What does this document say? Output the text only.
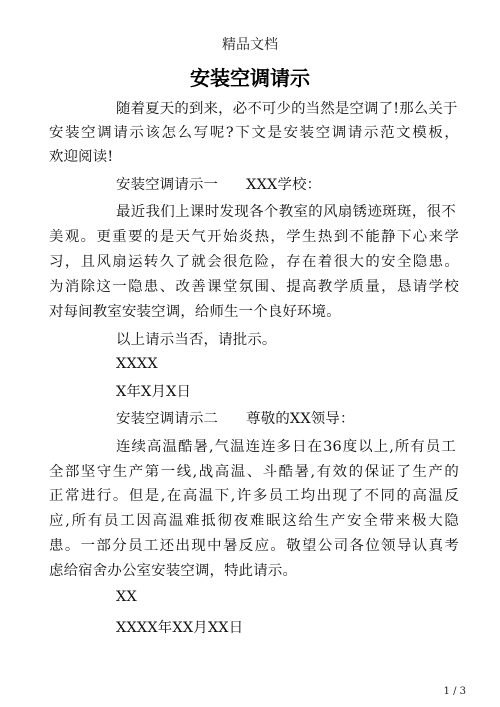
精品文档
安装空调请示
随着夏天的到来，必不可少的当然是空调了!那么关于
安装空调请示该怎么写呢?下文是安装空调请示范文模板，
欢迎阅读!
安装空调请示一 XXX学校：
最近我们上课时发现各个教室的风扇锈迹斑斑，很不
美观。更重要的是天气开始炎热，学生热到不能静下心来学
习，且风扇运转久了就会很危险，存在着很大的安全隐患。
为消除这一隐患、改善课堂氛围、提高教学质量，恳请学校
对每间教室安装空调，给师生一个良好环境。
以上请示当否，请批示。
XXXX
X年X月X日
安装空调请示二 尊敬的XX领导：
连续高温酷暑,气温连连多日在36度以上,所有员工
全部坚守生产第一线,战高温、斗酷暑,有效的保证了生产的
正常进行。但是,在高温下,许多员工均出现了不同的高温反
应,所有员工因高温难抵彻夜难眠这给生产安全带来极大隐
患。一部分员工还出现中暑反应。敬望公司各位领导认真考
虑给宿舍办公室安装空调，特此请示。
XX
XXXX年XX月XX日
1 / 3
